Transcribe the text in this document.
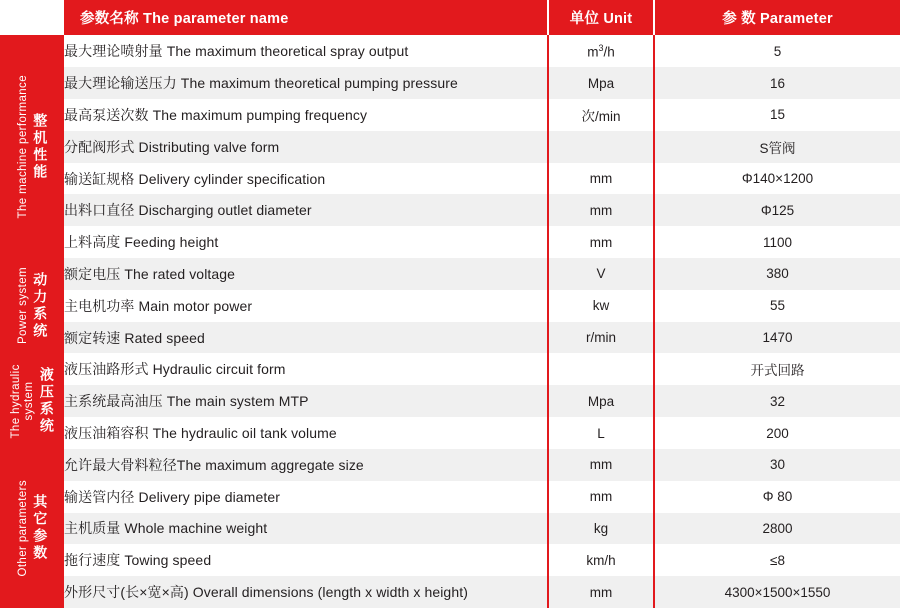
	参数名称 The parameter name	单位 Unit	参 数 Parameter

The machine performance 整机性能	最大理论喷射量 The maximum theoretical spray output	$m^3/h$	5
	最大理论输送压力 The maximum theoretical pumping pressure	Mpa	16
	最高泵送次数 The maximum pumping frequency	次/min	15
	分配阀形式 Distributing valve form		S管阀
	输送缸规格 Delivery cylinder specification	mm	Φ140×1200
	出料口直径 Discharging outlet diameter	mm	Φ125
	上料高度 Feeding height	mm	1100

Power system 动力系统	额定电压 The rated voltage	V	380
	主电机功率 Main motor power	kw	55
	额定转速 Rated speed	r/min	1470

The hydraulic system 液压系统	液压油路形式 Hydraulic circuit form		开式回路
	主系统最高油压 The main system MTP	Mpa	32
	液压油箱容积 The hydraulic oil tank volume	L	200

Other parameters 其它参数	允许最大骨料粒径The maximum aggregate size	mm	30
	输送管内径 Delivery pipe diameter	mm	Φ 80
	主机质量 Whole machine weight	kg	2800
	拖行速度 Towing speed	km/h	≤8
	外形尺寸(长×宽×高) Overall dimensions (length x width x height)	mm	4300×1500×1550
